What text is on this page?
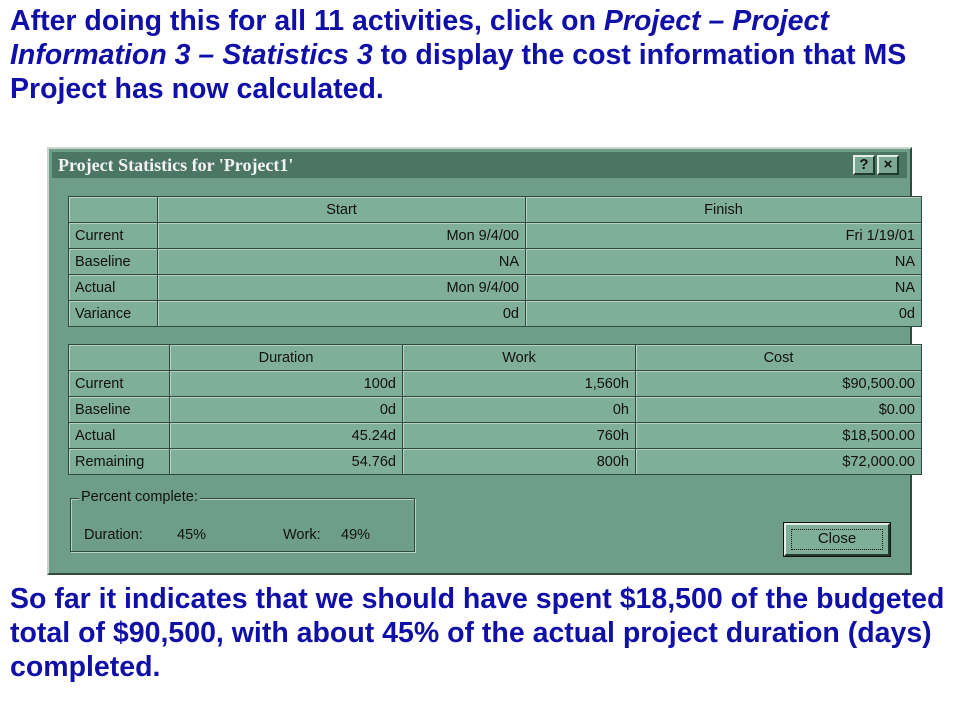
After doing this for all 11 activities, click on Project – Project Information 3 – Statistics 3 to display the cost information that MS Project has now calculated.
Project Statistics for 'Project1'	?	×
	Start	Finish
Current	Mon 9/4/00	Fri 1/19/01
Baseline	NA	NA
Actual	Mon 9/4/00	NA
Variance	0d	0d
	Duration	Work	Cost
Current	100d	1,560h	$90,500.00
Baseline	0d	0h	$0.00
Actual	45.24d	760h	$18,500.00
Remaining	54.76d	800h	$72,000.00
Percent complete:
Duration: 45%	Work: 49%	Close
So far it indicates that we should have spent $18,500 of the budgeted total of $90,500, with about 45% of the actual project duration (days) completed.
